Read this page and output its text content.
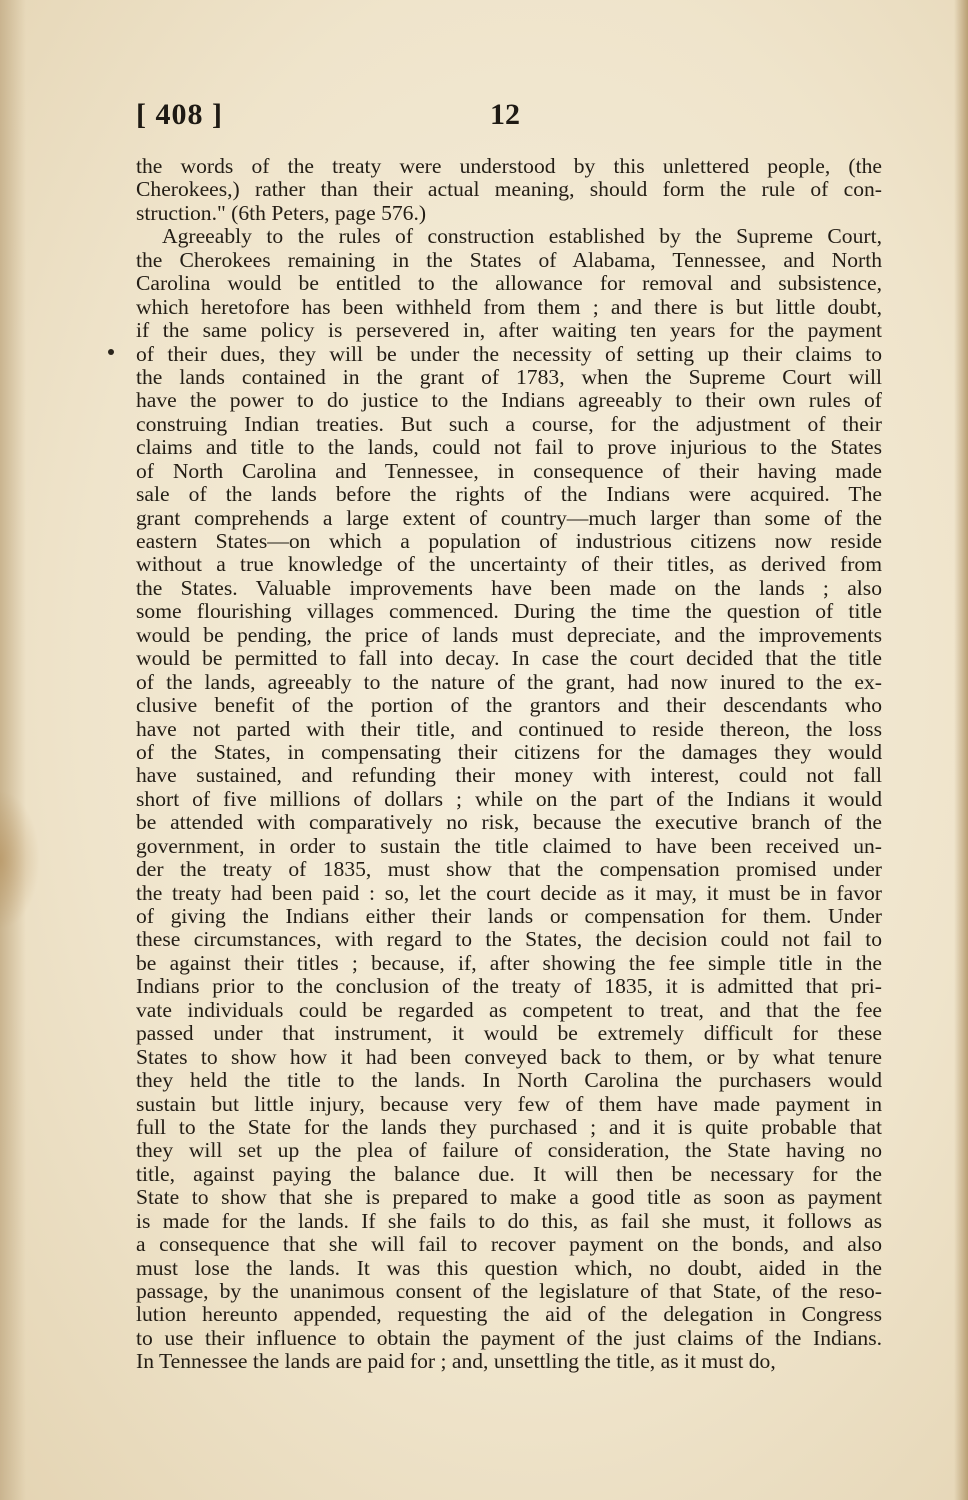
[ 408 ]	12
the words of the treaty were understood by this unlettered people, (the
Cherokees,) rather than their actual meaning, should form the rule of con-
struction." (6th Peters, page 576.)
Agreeably to the rules of construction established by the Supreme Court,
the Cherokees remaining in the States of Alabama, Tennessee, and North
Carolina would be entitled to the allowance for removal and subsistence,
which heretofore has been withheld from them ; and there is but little doubt,
if the same policy is persevered in, after waiting ten years for the payment
of their dues, they will be under the necessity of setting up their claims to
the lands contained in the grant of 1783, when the Supreme Court will
have the power to do justice to the Indians agreeably to their own rules of
construing Indian treaties. But such a course, for the adjustment of their
claims and title to the lands, could not fail to prove injurious to the States
of North Carolina and Tennessee, in consequence of their having made
sale of the lands before the rights of the Indians were acquired. The
grant comprehends a large extent of country—much larger than some of the
eastern States—on which a population of industrious citizens now reside
without a true knowledge of the uncertainty of their titles, as derived from
the States. Valuable improvements have been made on the lands ; also
some flourishing villages commenced. During the time the question of title
would be pending, the price of lands must depreciate, and the improvements
would be permitted to fall into decay. In case the court decided that the title
of the lands, agreeably to the nature of the grant, had now inured to the ex-
clusive benefit of the portion of the grantors and their descendants who
have not parted with their title, and continued to reside thereon, the loss
of the States, in compensating their citizens for the damages they would
have sustained, and refunding their money with interest, could not fall
short of five millions of dollars ; while on the part of the Indians it would
be attended with comparatively no risk, because the executive branch of the
government, in order to sustain the title claimed to have been received un-
der the treaty of 1835, must show that the compensation promised under
the treaty had been paid : so, let the court decide as it may, it must be in favor
of giving the Indians either their lands or compensation for them. Under
these circumstances, with regard to the States, the decision could not fail to
be against their titles ; because, if, after showing the fee simple title in the
Indians prior to the conclusion of the treaty of 1835, it is admitted that pri-
vate individuals could be regarded as competent to treat, and that the fee
passed under that instrument, it would be extremely difficult for these
States to show how it had been conveyed back to them, or by what tenure
they held the title to the lands. In North Carolina the purchasers would
sustain but little injury, because very few of them have made payment in
full to the State for the lands they purchased ; and it is quite probable that
they will set up the plea of failure of consideration, the State having no
title, against paying the balance due. It will then be necessary for the
State to show that she is prepared to make a good title as soon as payment
is made for the lands. If she fails to do this, as fail she must, it follows as
a consequence that she will fail to recover payment on the bonds, and also
must lose the lands. It was this question which, no doubt, aided in the
passage, by the unanimous consent of the legislature of that State, of the reso-
lution hereunto appended, requesting the aid of the delegation in Congress
to use their influence to obtain the payment of the just claims of the Indians.
In Tennessee the lands are paid for ; and, unsettling the title, as it must do,
